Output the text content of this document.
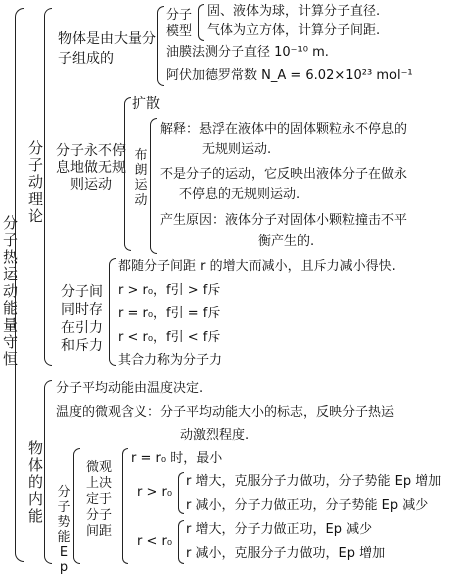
分子热运动能量守恒
分子动理论
物体是由大量分子组成的
分子模型
固、液体为球，计算分子直径.
气体为立方体，计算分子间距.
油膜法测分子直径 10⁻¹⁰ m.
阿伏加德罗常数 N_A = 6.02×10²³ mol⁻¹
分子永不停息地做无规则运动
扩散
布朗运动
解释：悬浮在液体中的固体颗粒永不停息的
无规则运动.
不是分子的运动，它反映出液体分子在做永
不停息的无规则运动.
产生原因：液体分子对固体小颗粒撞击不平
衡产生的.
分子间同时存在引力和斥力
都随分子间距 r 的增大而减小，且斥力减小得快.
r > r₀，f引 > f斥
r = r₀，f引 = f斥
r < r₀，f引 < f斥
其合力称为分子力
物体的内能
分子平均动能由温度决定.
温度的微观含义：分子平均动能大小的标志，反映分子热运
动激烈程度.
分子势能Ep
微观上决定于分子间距
r = r₀ 时，最小
r > r₀
r 增大，克服分子力做功，分子势能 Ep 增加
r 减小，分子力做正功，分子势能 Ep 减少
r < r₀
r 增大，分子力做正功，Ep 减少
r 减小，克服分子力做功，Ep 增加
